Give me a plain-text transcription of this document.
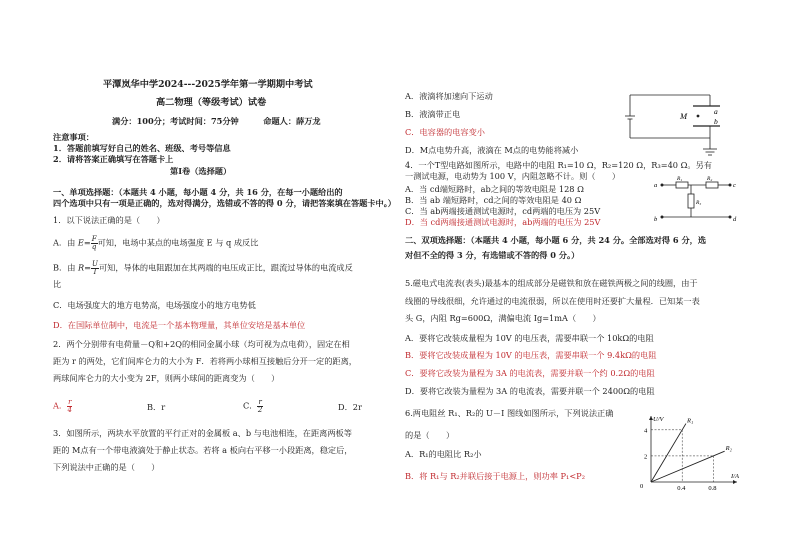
平潭岚华中学2024---2025学年第一学期期中考试
高二物理（等级考试）试卷
满分：100分；考试时间：75分钟　　　命题人：薛万龙
注意事项：
1．答题前填写好自己的姓名、班级、考号等信息
2．请将答案正确填写在答题卡上
第Ⅰ卷（选择题）
一、单项选择题：（本题共 4 小题，每小题 4 分，共 16 分，在每一小题给出的
四个选项中只有一项是正确的，选对得满分，选错或不答的得 0 分，请把答案填在答题卡中。）
1．以下说法正确的是（　　）
A．由 $E= \frac{F}{q}$ 可知，电场中某点的电场强度 E 与 q 成反比
B．由 $R= \frac{U}{I}$ 可知，导体的电阻跟加在其两端的电压成正比，跟流过导体的电流成反
比
C．电场强度大的地方电势高，电场强度小的地方电势低
D．在国际单位制中，电流是一个基本物理量，其单位安培是基本单位
2．两个分别带有电荷量－Q和+2Q的相同金属小球（均可视为点电荷），固定在相
距为 r 的两处，它们间库仑力的大小为 F．若将两小球相互接触后分开一定的距离，
两球间库仑力的大小变为 2F，则两小球间的距离变为（　　）
A． $\frac{r}{4}$	B．r	C． $\frac{r}{2}$	D．2r
3．如图所示，两块水平放置的平行正对的金属板 a、b 与电池相连，在距离两板等
距的 M点有一个带电液滴处于静止状态。若将 a 板向右平移一小段距离，稳定后，
下列说法中正确的是（　　）
A．液滴将加速向下运动
B．液滴带正电
C．电容器的电容变小
D．M点电势升高，液滴在 M点的电势能将减小
M	a
b
4．一个T型电路如图所示，电路中的电阻 R₁=10 Ω，R₂=120 Ω，R₃=40 Ω。另有
一测试电源，电动势为 100 V，内阻忽略不计。则（　　）
A．当 cd端短路时，ab之间的等效电阻是 128 Ω
B．当 ab 端短路时，cd之间的等效电阻是 40 Ω
C．当 ab两端接通测试电源时，cd两端的电压为 25V
D．当 cd两端接通测试电源时，ab两端的电压为 25V
a
b
c
d
R₁	R₂
R₃
二、双项选择题：（本题共 4 小题，每小题 6 分，共 24 分。全部选对得 6 分，选
对但不全的得 3 分，有选错或不答的得 0 分。）
5.磁电式电流表(表头)最基本的组成部分是磁铁和放在磁铁两极之间的线圈，由于
线圈的导线很细，允许通过的电流很弱，所以在使用时还要扩大量程．已知某一表
头 G，内阻 Rg=600Ω，满偏电流 Ig=1mA（　　）
A．要将它改装成量程为 10V 的电压表，需要串联一个 10kΩ的电阻
B．要将它改装成量程为 10V 的电压表，需要串联一个 9.4kΩ的电阻
C．要将它改装为量程为 3A 的电流表，需要并联一个约 0.2Ω的电阻
D．要将它改装为量程为 3A 的电流表，需要并联一个 2400Ω的电阻
6.两电阻丝 R₁、R₂的 U－I 图线如图所示，下列说法正确
的是（　　）
A．R₁的电阻比 R₂小
B．将 R₁与 R₂并联后接于电源上，则功率 P₁<P₂
0
I/A
U/V
0.4	0.8
2
4
R₁
R₂
